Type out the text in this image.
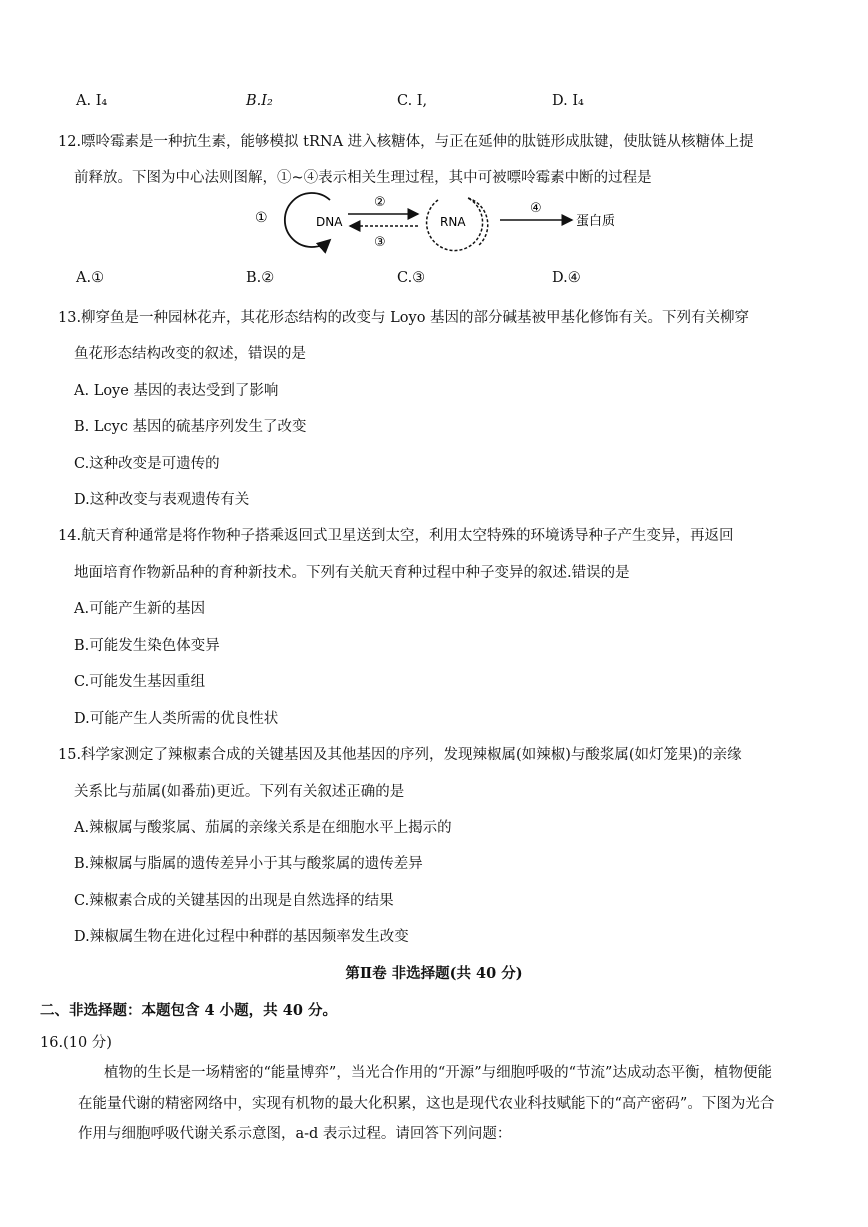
A. I₄	B.I₂	C. I,	D. I₄
12.嘌呤霉素是一种抗生素，能够模拟 tRNA 进入核糖体，与正在延伸的肽链形成肽键，使肽链从核糖体上提
前释放。下图为中心法则图解，①~④表示相关生理过程，其中可被嘌呤霉素中断的过程是
①	DNA
②
③
RNA
④
蛋白质
A.①	B.②	C.③	D.④
13.柳穿鱼是一种园林花卉，其花形态结构的改变与 Loyo 基因的部分碱基被甲基化修饰有关。下列有关柳穿
鱼花形态结构改变的叙述，错误的是
A. Loye 基因的表达受到了影响
B. Lcyc 基因的硫基序列发生了改变
C.这种改变是可遗传的
D.这种改变与表观遗传有关
14.航天育种通常是将作物种子搭乘返回式卫星送到太空，利用太空特殊的环境诱导种子产生变异，再返回
地面培育作物新品种的育种新技术。下列有关航天育种过程中种子变异的叙述.错误的是
A.可能产生新的基因
B.可能发生染色体变异
C.可能发生基因重组
D.可能产生人类所需的优良性状
15.科学家测定了辣椒素合成的关键基因及其他基因的序列，发现辣椒属(如辣椒)与酸浆属(如灯笼果)的亲缘
关系比与茄属(如番茄)更近。下列有关叙述正确的是
A.辣椒属与酸浆属、茄属的亲缘关系是在细胞水平上揭示的
B.辣椒属与脂属的遗传差异小于其与酸浆属的遗传差异
C.辣椒素合成的关键基因的出现是自然选择的结果
D.辣椒属生物在进化过程中种群的基因频率发生改变
第Ⅱ卷 非选择题(共 40 分)
二、非选择题：本题包含 4 小题，共 40 分。
16.(10 分)
植物的生长是一场精密的“能量博弈”，当光合作用的“开源”与细胞呼吸的“节流”达成动态平衡，植物便能
在能量代谢的精密网络中，实现有机物的最大化积累，这也是现代农业科技赋能下的“高产密码”。下图为光合
作用与细胞呼吸代谢关系示意图，a-d 表示过程。请回答下列问题：
